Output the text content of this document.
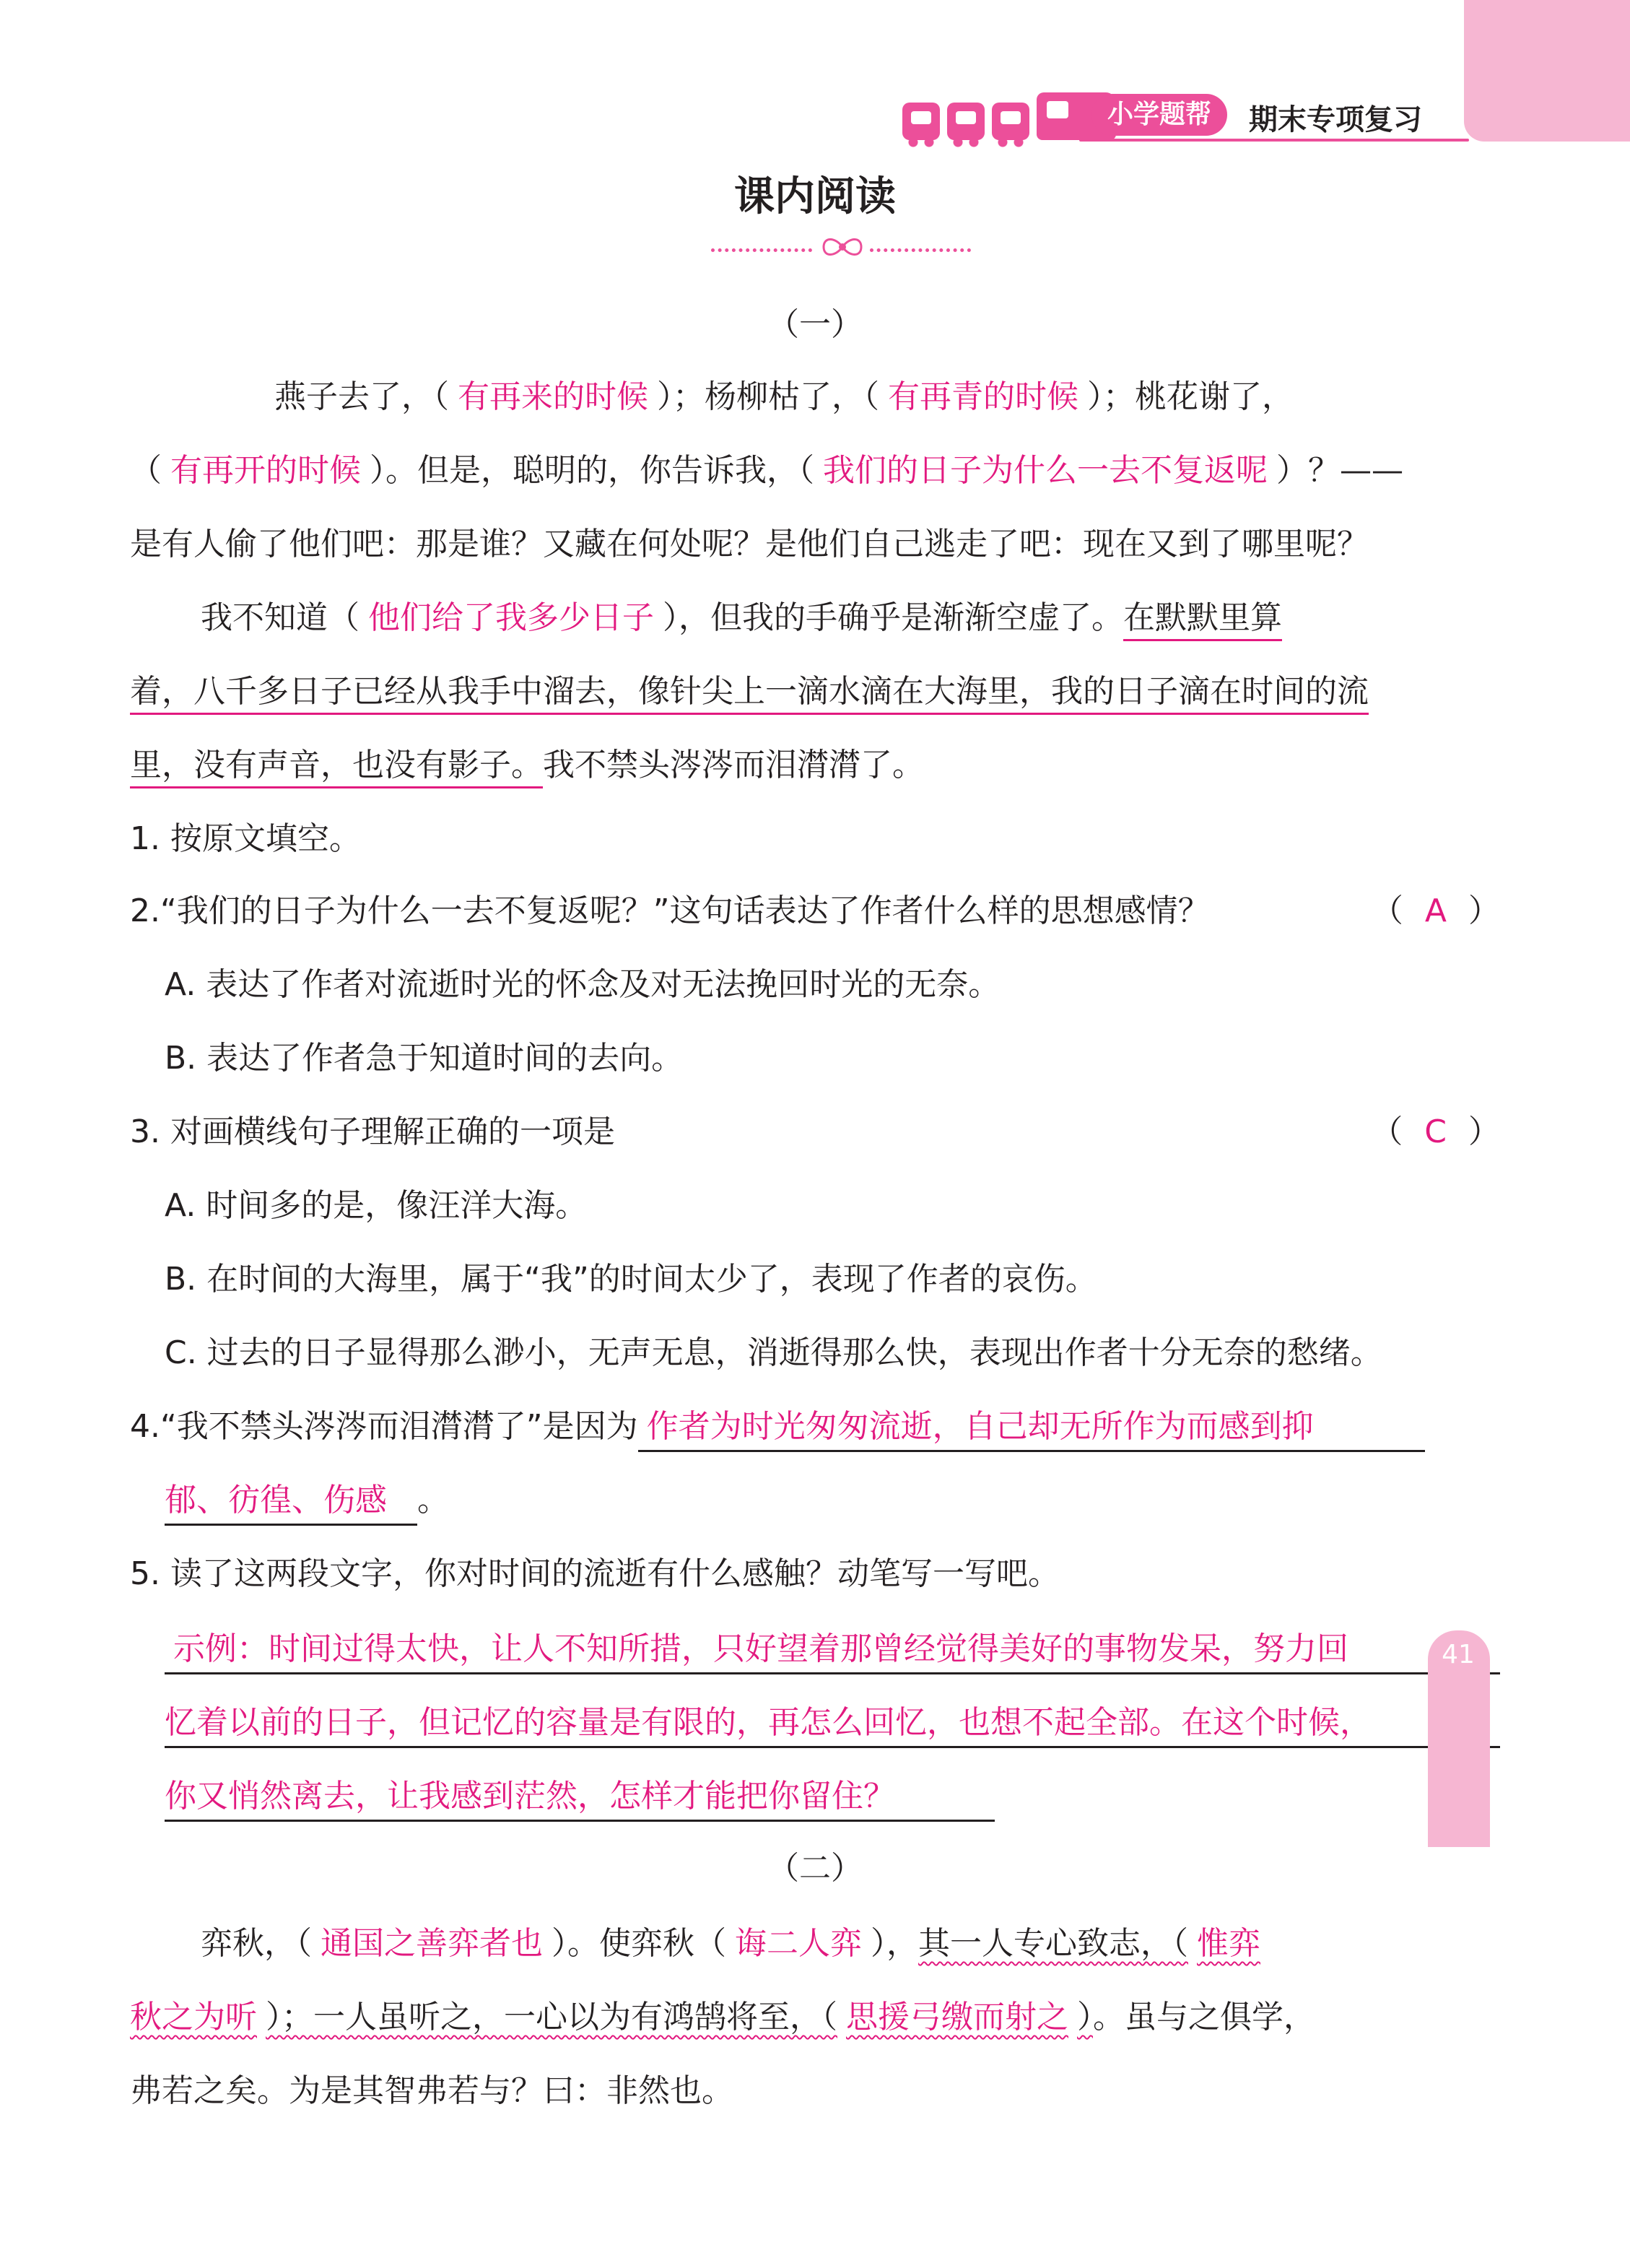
小学题帮	期末专项复习
课内阅读
（一）
燕子去了，（ 有再来的时候 ）；杨柳枯了，（ 有再青的时候 ）；桃花谢了，
（ 有再开的时候 ）。但是，聪明的，你告诉我，（ 我们的日子为什么一去不复返呢 ）？——
是有人偷了他们吧：那是谁？又藏在何处呢？是他们自己逃走了吧：现在又到了哪里呢？
我不知道（ 他们给了我多少日子 ），但我的手确乎是渐渐空虚了。在默默里算
着，八千多日子已经从我手中溜去，像针尖上一滴水滴在大海里，我的日子滴在时间的流
里，没有声音，也没有影子。我不禁头涔涔而泪潸潸了。
1. 按原文填空。
2.“我们的日子为什么一去不复返呢？”这句话表达了作者什么样的思想感情？	（ A ）
A. 表达了作者对流逝时光的怀念及对无法挽回时光的无奈。
B. 表达了作者急于知道时间的去向。
3. 对画横线句子理解正确的一项是	（ C ）
A. 时间多的是，像汪洋大海。
B. 在时间的大海里，属于“我”的时间太少了，表现了作者的哀伤。
C. 过去的日子显得那么渺小，无声无息，消逝得那么快，表现出作者十分无奈的愁绪。
4.“我不禁头涔涔而泪潸潸了”是因为 作者为时光匆匆流逝，自己却无所作为而感到抑
郁、彷徨、伤感 。
5. 读了这两段文字，你对时间的流逝有什么感触？动笔写一写吧。
示例：时间过得太快，让人不知所措，只好望着那曾经觉得美好的事物发呆，努力回
忆着以前的日子，但记忆的容量是有限的，再怎么回忆，也想不起全部。在这个时候，
你又悄然离去，让我感到茫然，怎样才能把你留住？
（二）
弈秋，（ 通国之善弈者也 ）。使弈秋（ 诲二人弈 ），其一人专心致志，（ 惟弈
秋之为听 ）；一人虽听之，一心以为有鸿鹄将至，（ 思援弓缴而射之 ）。虽与之俱学，
弗若之矣。为是其智弗若与？曰：非然也。
41
